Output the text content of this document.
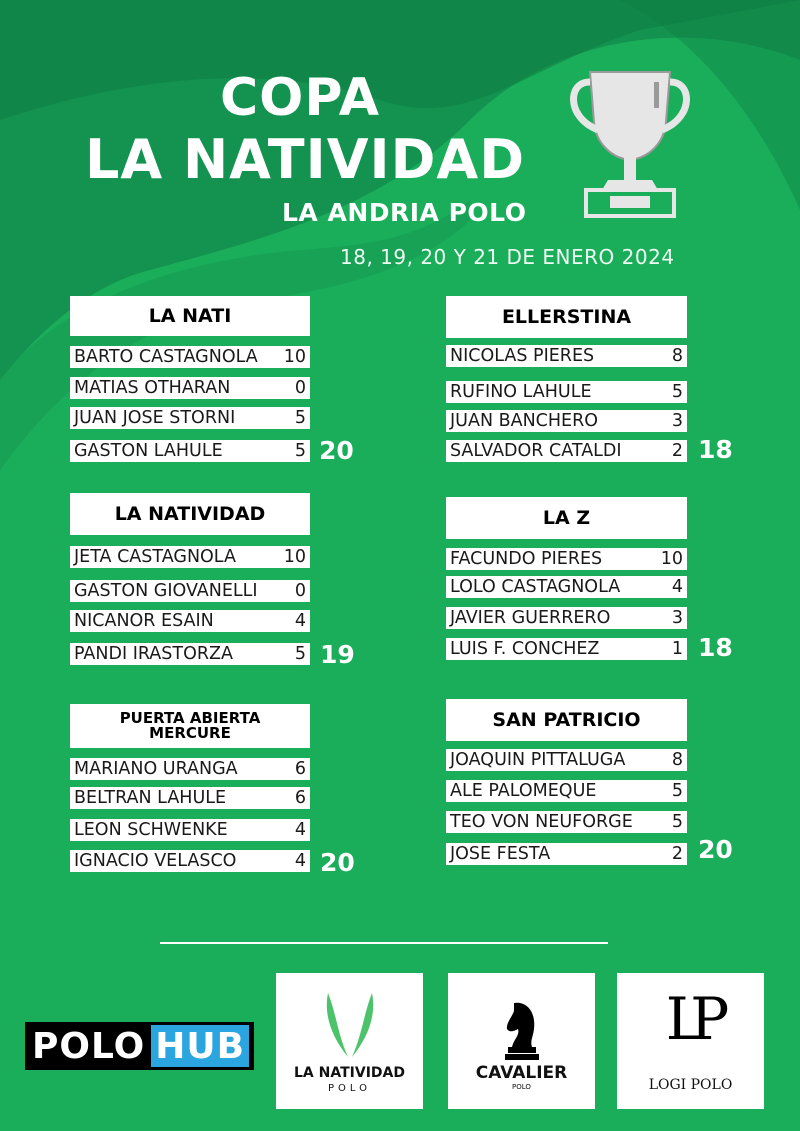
COPA
LA NATIVIDAD
LA ANDRIA POLO
18, 19, 20 Y 21 DE ENERO 2024
LA NATI
BARTO CASTAGNOLA 10
MATIAS OTHARAN	0
JUAN JOSE STORNI	5
GASTON LAHULE	5 20
ELLERSTINA
NICOLAS PIERES	8
RUFINO LAHULE	5
JUAN BANCHERO	3
SALVADOR CATALDI	2 18
LA NATIVIDAD
JETA CASTAGNOLA	10
GASTON GIOVANELLI 0
NICANOR ESAIN	4
PANDI IRASTORZA	5 19
LA Z
FACUNDO PIERES	10
LOLO CASTAGNOLA	4
JAVIER GUERRERO	3
LUIS F. CONCHEZ	1 18
PUERTA ABIERTA
MERCURE
MARIANO URANGA	6
BELTRAN LAHULE	6
LEON SCHWENKE	4
IGNACIO VELASCO	4 20
SAN PATRICIO
JOAQUIN PITTALUGA	8
ALE PALOMEQUE	5
TEO VON NEUFORGE 5
JOSE FESTA	2 20
POLO HUB
LA NATIVIDAD
POLO
CAVALIER
POLO
LP
LOGI POLO
